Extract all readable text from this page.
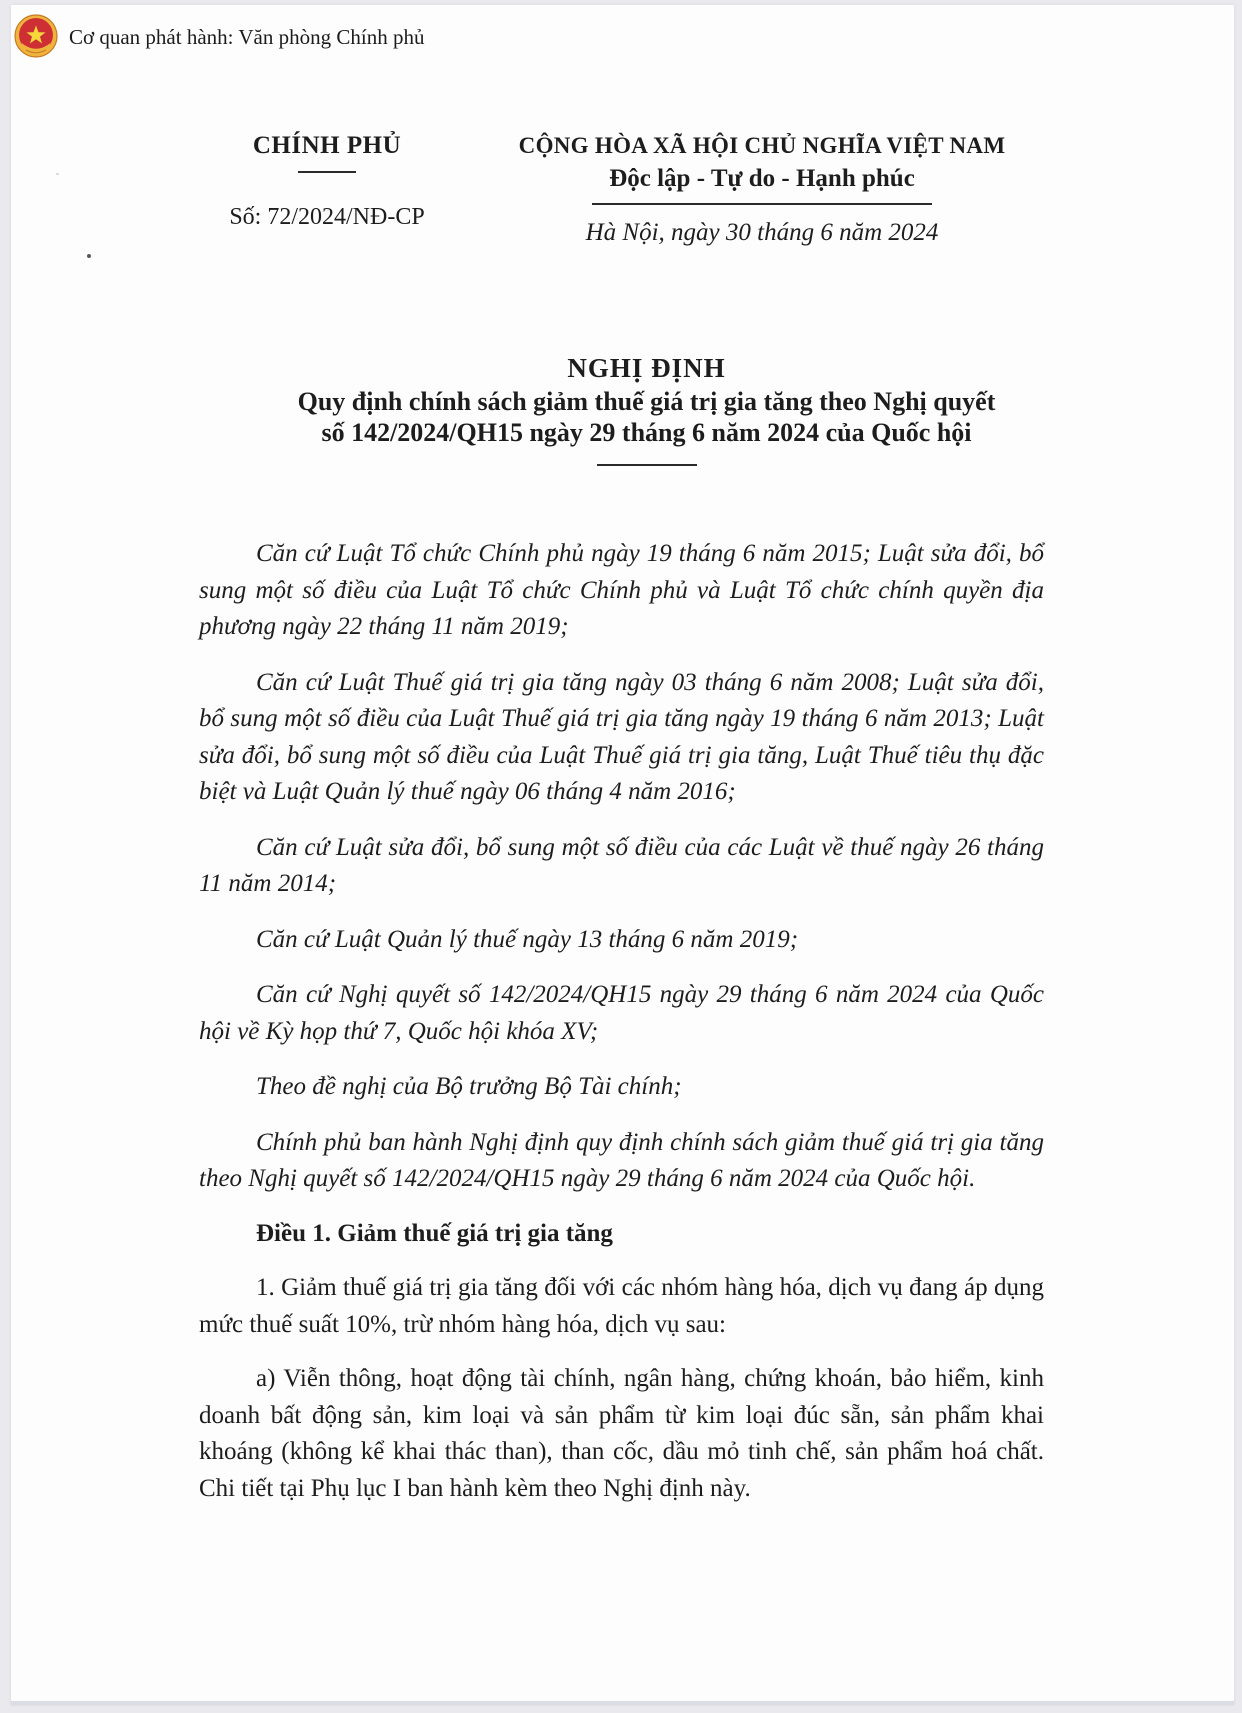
Cơ quan phát hành: Văn phòng Chính phủ
CHÍNH PHỦ
Số: 72/2024/NĐ-CP
CỘNG HÒA XÃ HỘI CHỦ NGHĨA VIỆT NAM
Độc lập - Tự do - Hạnh phúc
Hà Nội, ngày 30 tháng 6 năm 2024
NGHỊ ĐỊNH
Quy định chính sách giảm thuế giá trị gia tăng theo Nghị quyết
số 142/2024/QH15 ngày 29 tháng 6 năm 2024 của Quốc hội

Căn cứ Luật Tổ chức Chính phủ ngày 19 tháng 6 năm 2015; Luật sửa đổi, bổ sung một số điều của Luật Tổ chức Chính phủ và Luật Tổ chức chính quyền địa phương ngày 22 tháng 11 năm 2019;

Căn cứ Luật Thuế giá trị gia tăng ngày 03 tháng 6 năm 2008; Luật sửa đổi, bổ sung một số điều của Luật Thuế giá trị gia tăng ngày 19 tháng 6 năm 2013; Luật sửa đổi, bổ sung một số điều của Luật Thuế giá trị gia tăng, Luật Thuế tiêu thụ đặc biệt và Luật Quản lý thuế ngày 06 tháng 4 năm 2016;

Căn cứ Luật sửa đổi, bổ sung một số điều của các Luật về thuế ngày 26 tháng 11 năm 2014;

Căn cứ Luật Quản lý thuế ngày 13 tháng 6 năm 2019;

Căn cứ Nghị quyết số 142/2024/QH15 ngày 29 tháng 6 năm 2024 của Quốc hội về Kỳ họp thứ 7, Quốc hội khóa XV;

Theo đề nghị của Bộ trưởng Bộ Tài chính;

Chính phủ ban hành Nghị định quy định chính sách giảm thuế giá trị gia tăng theo Nghị quyết số 142/2024/QH15 ngày 29 tháng 6 năm 2024 của Quốc hội.

Điều 1. Giảm thuế giá trị gia tăng

1. Giảm thuế giá trị gia tăng đối với các nhóm hàng hóa, dịch vụ đang áp dụng mức thuế suất 10%, trừ nhóm hàng hóa, dịch vụ sau:

a) Viễn thông, hoạt động tài chính, ngân hàng, chứng khoán, bảo hiểm, kinh doanh bất động sản, kim loại và sản phẩm từ kim loại đúc sẵn, sản phẩm khai khoáng (không kể khai thác than), than cốc, dầu mỏ tinh chế, sản phẩm hoá chất. Chi tiết tại Phụ lục I ban hành kèm theo Nghị định này.
